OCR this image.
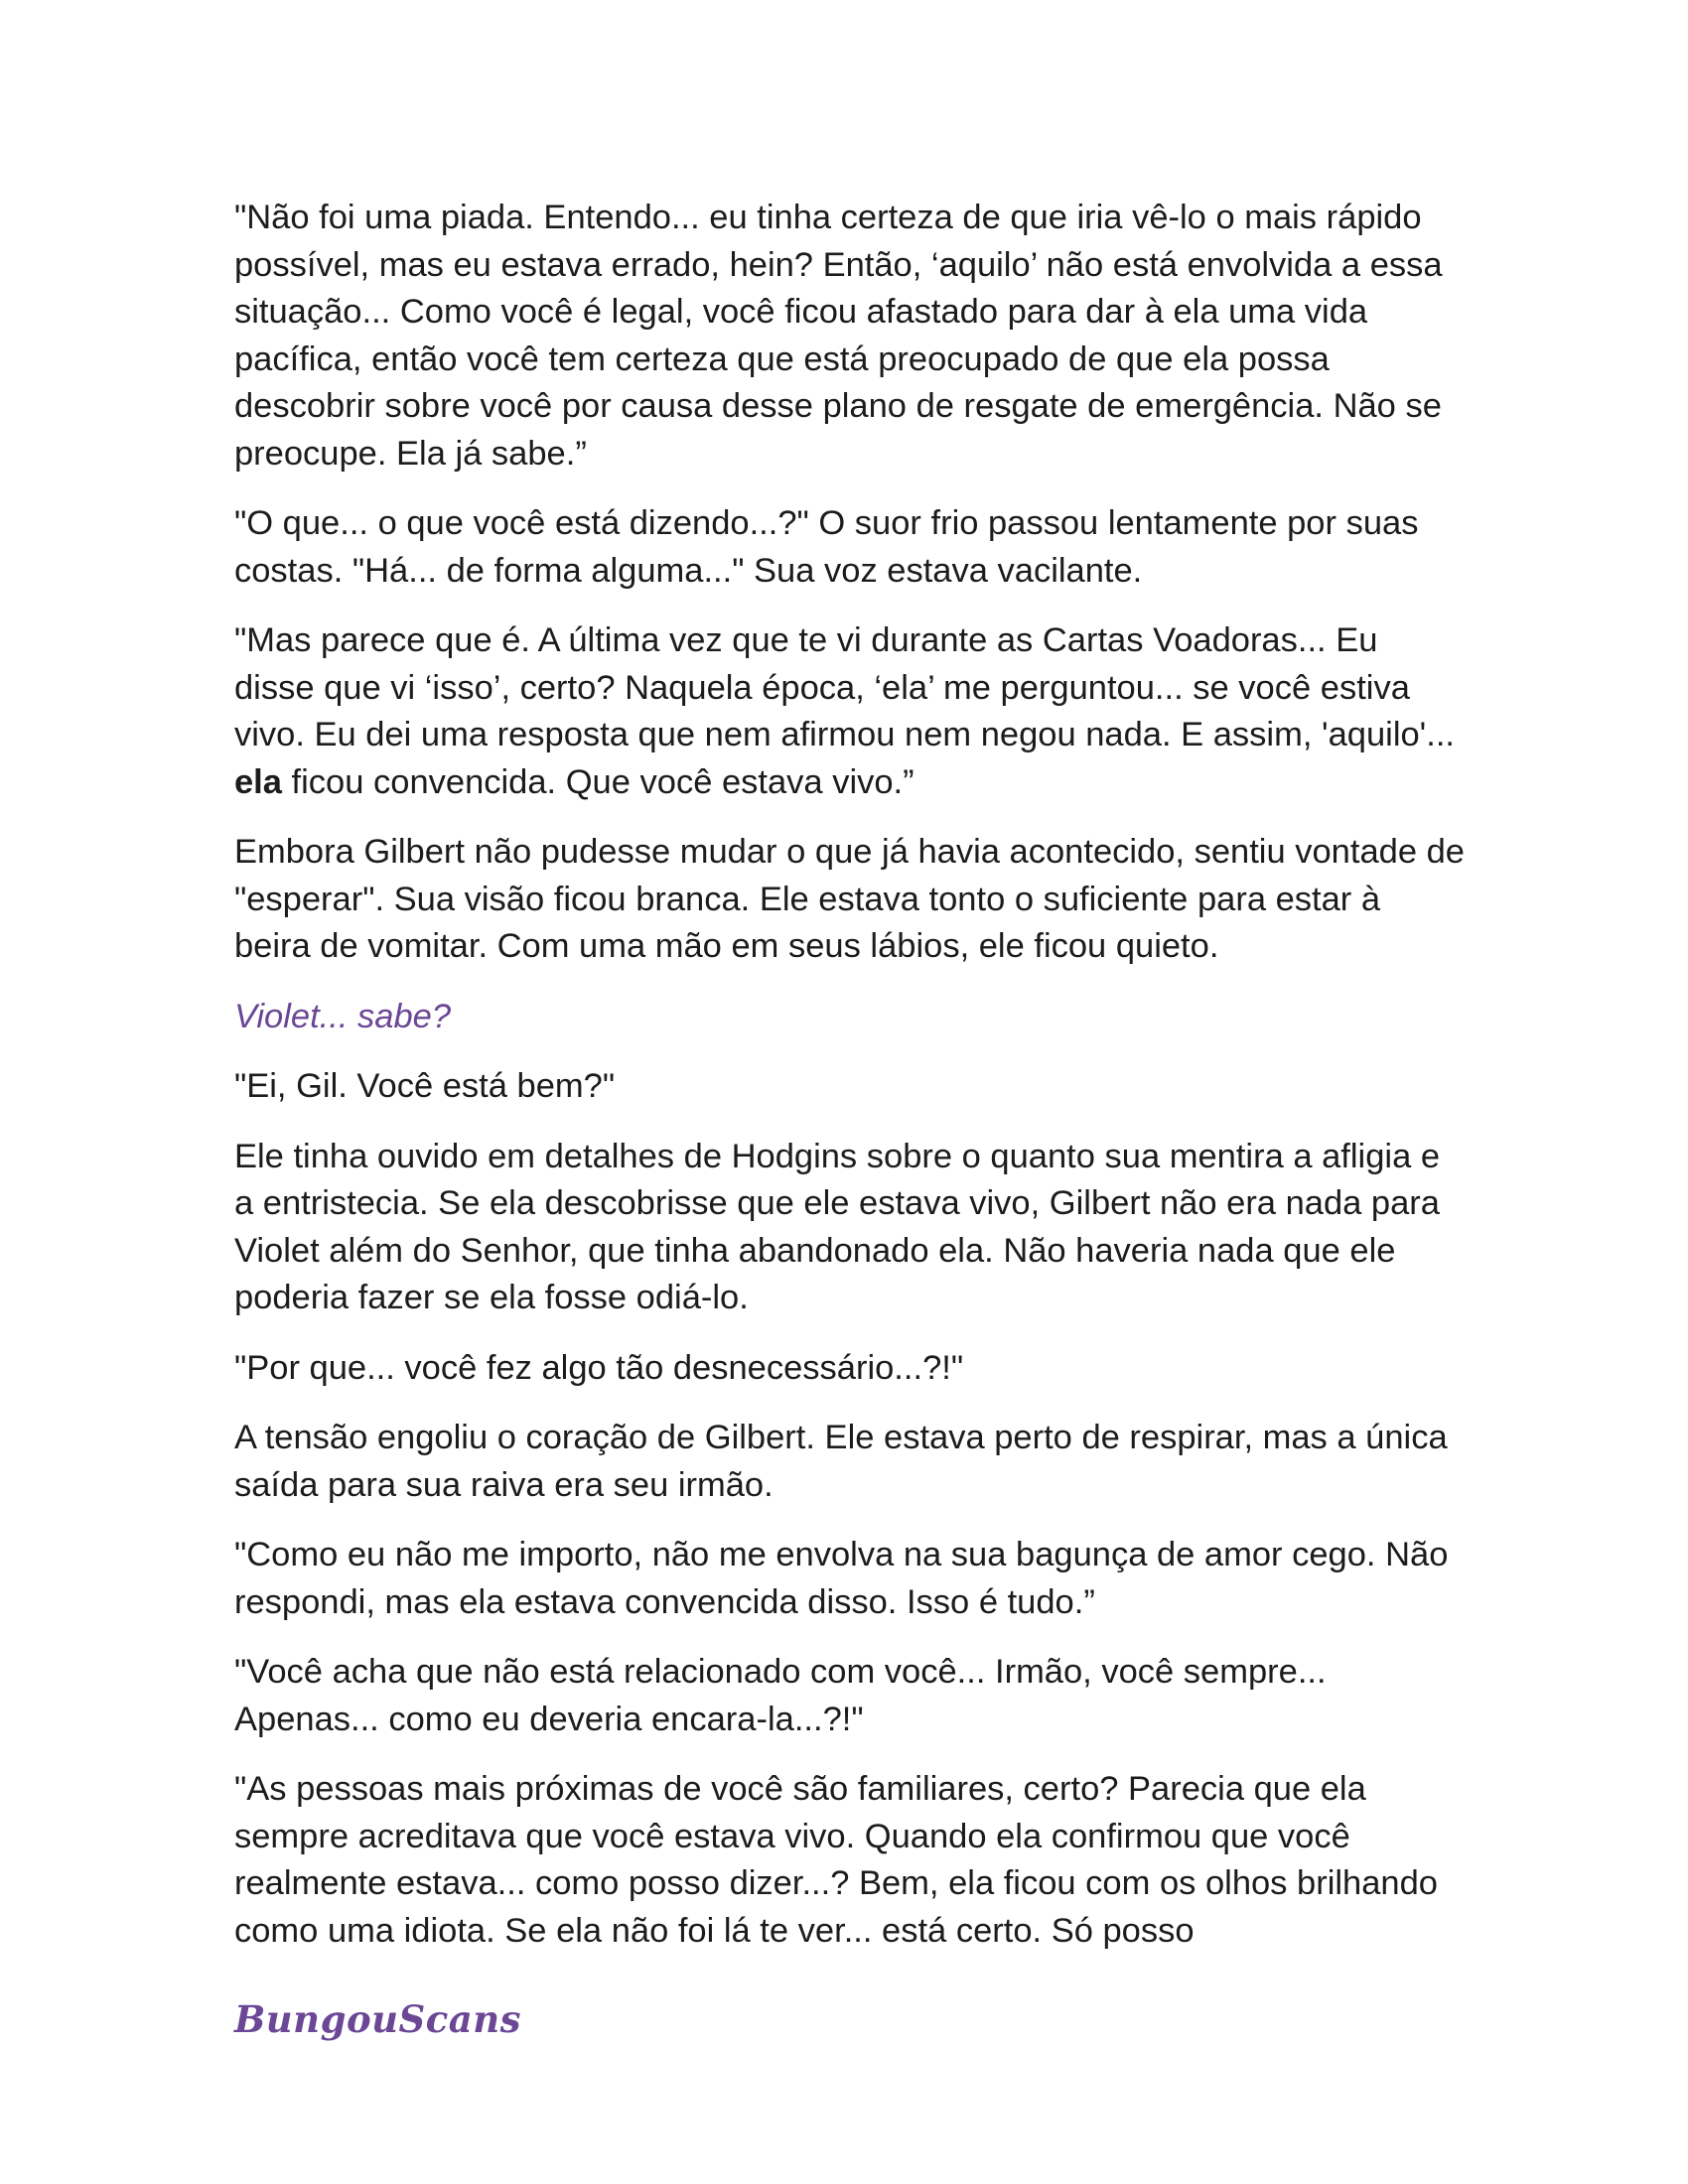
"Não foi uma piada. Entendo... eu tinha certeza de que iria vê-lo o mais rápido possível, mas eu estava errado, hein? Então, ‘aquilo’ não está envolvida a essa situação... Como você é legal, você ficou afastado para dar à ela uma vida pacífica, então você tem certeza que está preocupado de que ela possa descobrir sobre você por causa desse plano de resgate de emergência. Não se preocupe. Ela já sabe.”

"O que... o que você está dizendo...?" O suor frio passou lentamente por suas costas. "Há... de forma alguma..." Sua voz estava vacilante.

"Mas parece que é. A última vez que te vi durante as Cartas Voadoras... Eu disse que vi ‘isso’, certo? Naquela época, ‘ela’ me perguntou... se você estiva vivo. Eu dei uma resposta que nem afirmou nem negou nada. E assim, 'aquilo'... ela ficou convencida. Que você estava vivo.”

Embora Gilbert não pudesse mudar o que já havia acontecido, sentiu vontade de "esperar". Sua visão ficou branca. Ele estava tonto o suficiente para estar à beira de vomitar. Com uma mão em seus lábios, ele ficou quieto.

Violet... sabe?

"Ei, Gil. Você está bem?"

Ele tinha ouvido em detalhes de Hodgins sobre o quanto sua mentira a afligia e a entristecia. Se ela descobrisse que ele estava vivo, Gilbert não era nada para Violet além do Senhor, que tinha abandonado ela. Não haveria nada que ele poderia fazer se ela fosse odiá-lo.

"Por que... você fez algo tão desnecessário...?!"

A tensão engoliu o coração de Gilbert. Ele estava perto de respirar, mas a única saída para sua raiva era seu irmão.

"Como eu não me importo, não me envolva na sua bagunça de amor cego. Não respondi, mas ela estava convencida disso. Isso é tudo.”

"Você acha que não está relacionado com você... Irmão, você sempre... Apenas... como eu deveria encara-la...?!"

"As pessoas mais próximas de você são familiares, certo? Parecia que ela sempre acreditava que você estava vivo. Quando ela confirmou que você realmente estava... como posso dizer...? Bem, ela ficou com os olhos brilhando como uma idiota. Se ela não foi lá te ver... está certo. Só posso

BungouScans
